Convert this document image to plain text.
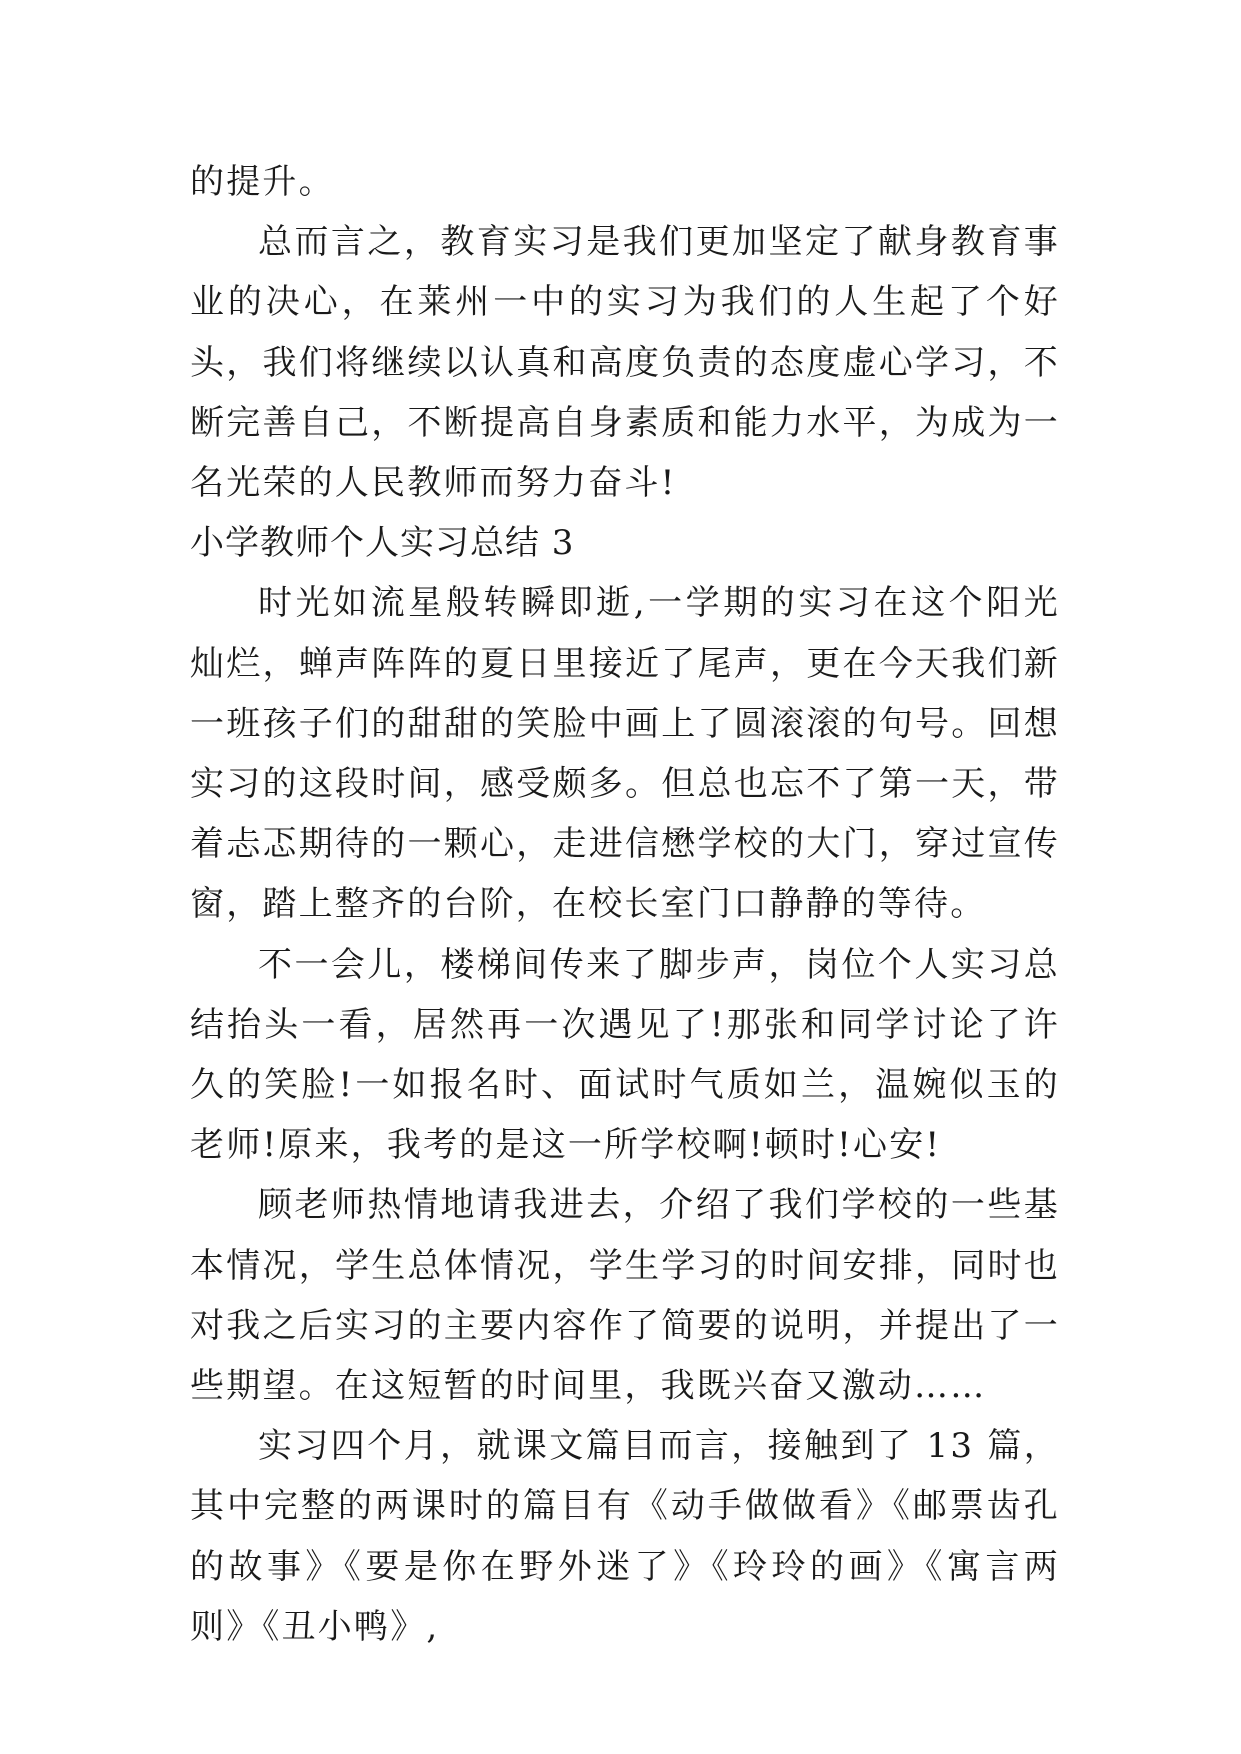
的提升。

总而言之，教育实习是我们更加坚定了献身教育事业的决心，在莱州一中的实习为我们的人生起了个好头，我们将继续以认真和高度负责的态度虚心学习，不断完善自己，不断提高自身素质和能力水平，为成为一名光荣的人民教师而努力奋斗!

小学教师个人实习总结 3

时光如流星般转瞬即逝,一学期的实习在这个阳光灿烂，蝉声阵阵的夏日里接近了尾声，更在今天我们新一班孩子们的甜甜的笑脸中画上了圆滚滚的句号。回想实习的这段时间，感受颇多。但总也忘不了第一天，带着忐忑期待的一颗心，走进信懋学校的大门，穿过宣传窗，踏上整齐的台阶，在校长室门口静静的等待。

不一会儿，楼梯间传来了脚步声，岗位个人实习总结抬头一看，居然再一次遇见了!那张和同学讨论了许久的笑脸!一如报名时、面试时气质如兰，温婉似玉的老师!原来，我考的是这一所学校啊!顿时!心安!

顾老师热情地请我进去，介绍了我们学校的一些基本情况，学生总体情况，学生学习的时间安排，同时也对我之后实习的主要内容作了简要的说明，并提出了一些期望。在这短暂的时间里，我既兴奋又激动……

实习四个月，就课文篇目而言，接触到了 13 篇，其中完整的两课时的篇目有《动手做做看》《邮票齿孔的故事》《要是你在野外迷了》《玲玲的画》《寓言两则》《丑小鸭》,
